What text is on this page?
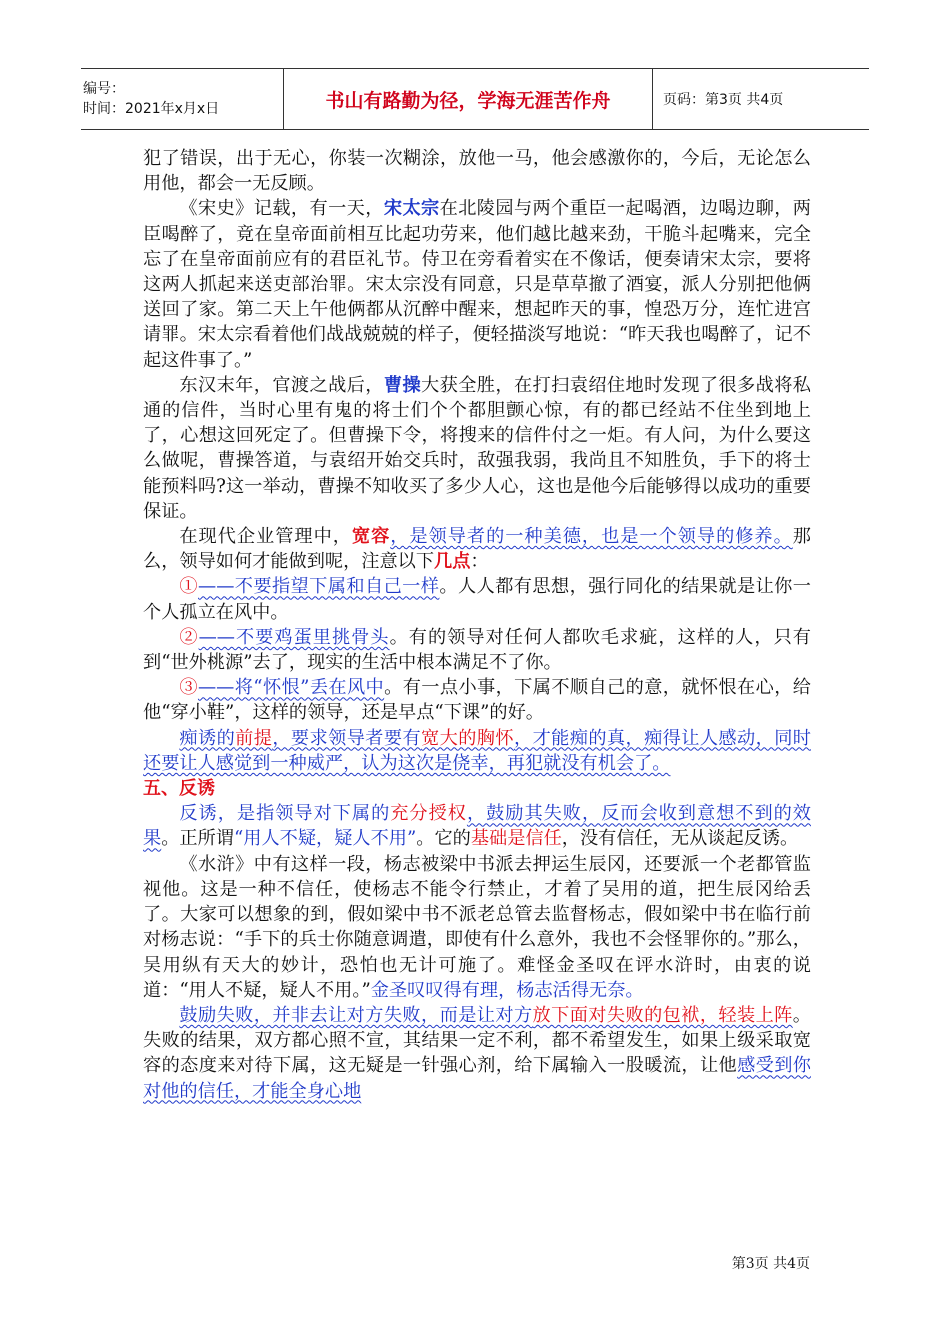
编号：
时间：2021年x月x日	书山有路勤为径，学海无涯苦作舟	页码：第3页 共4页

犯了错误，出于无心，你装一次糊涂，放他一马，他会感激你的，今后，无论怎么用他，都会一无反顾。

《宋史》记载，有一天，宋太宗在北陵园与两个重臣一起喝酒，边喝边聊，两臣喝醉了，竟在皇帝面前相互比起功劳来，他们越比越来劲，干脆斗起嘴来，完全忘了在皇帝面前应有的君臣礼节。侍卫在旁看着实在不像话，便奏请宋太宗，要将这两人抓起来送吏部治罪。宋太宗没有同意，只是草草撤了酒宴，派人分别把他俩送回了家。第二天上午他俩都从沉醉中醒来，想起昨天的事，惶恐万分，连忙进宫请罪。宋太宗看着他们战战兢兢的样子，便轻描淡写地说：“昨天我也喝醉了，记不起这件事了。”

东汉末年，官渡之战后，曹操大获全胜，在打扫袁绍住地时发现了很多战将私通的信件，当时心里有鬼的将士们个个都胆颤心惊，有的都已经站不住坐到地上了，心想这回死定了。但曹操下令，将搜来的信件付之一炬。有人问，为什么要这么做呢，曹操答道，与袁绍开始交兵时，敌强我弱，我尚且不知胜负，手下的将士能预料吗?这一举动，曹操不知收买了多少人心，这也是他今后能够得以成功的重要保证。

在现代企业管理中，宽容，是领导者的一种美德，也是一个领导的修养。那么，领导如何才能做到呢，注意以下几点：

①——不要指望下属和自己一样。人人都有思想，强行同化的结果就是让你一个人孤立在风中。

②——不要鸡蛋里挑骨头。有的领导对任何人都吹毛求疵，这样的人，只有到“世外桃源”去了，现实的生活中根本满足不了你。

③——将“怀恨”丢在风中。有一点小事，下属不顺自己的意，就怀恨在心，给他“穿小鞋”，这样的领导，还是早点“下课”的好。

痴诱的前提，要求领导者要有宽大的胸怀，才能痴的真，痴得让人感动，同时还要让人感觉到一种威严，认为这次是侥幸，再犯就没有机会了。

五、反诱

反诱，是指领导对下属的充分授权，鼓励其失败，反而会收到意想不到的效果。正所谓“用人不疑，疑人不用”。它的基础是信任，没有信任，无从谈起反诱。

《水浒》中有这样一段，杨志被梁中书派去押运生辰冈，还要派一个老都管监视他。这是一种不信任，使杨志不能令行禁止，才着了吴用的道，把生辰冈给丢了。大家可以想象的到，假如梁中书不派老总管去监督杨志，假如梁中书在临行前对杨志说：“手下的兵士你随意调遣，即使有什么意外，我也不会怪罪你的。”那么，吴用纵有天大的妙计，恐怕也无计可施了。难怪金圣叹在评水浒时，由衷的说道：“用人不疑，疑人不用。”金圣叹叹得有理，杨志活得无奈。

鼓励失败，并非去让对方失败，而是让对方放下面对失败的包袱，轻装上阵。失败的结果，双方都心照不宣，其结果一定不利，都不希望发生，如果上级采取宽容的态度来对待下属，这无疑是一针强心剂，给下属输入一股暖流，让他感受到你对他的信任，才能全身心地

第3页 共4页
